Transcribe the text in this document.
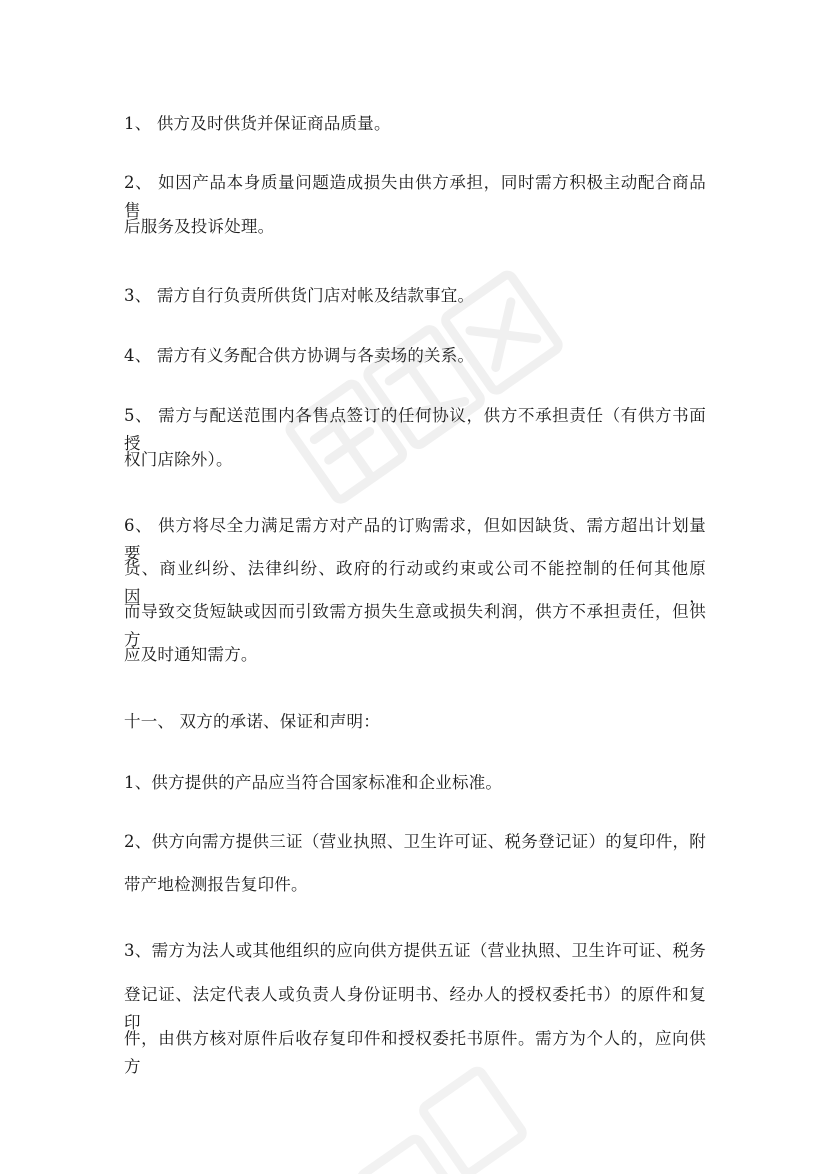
1、 供方及时供货并保证商品质量。

2、 如因产品本身质量问题造成损失由供方承担，同时需方积极主动配合商品售
后服务及投诉处理。

3、 需方自行负责所供货门店对帐及结款事宜。

4、 需方有义务配合供方协调与各卖场的关系。

5、 需方与配送范围内各售点签订的任何协议，供方不承担责任（有供方书面授
权门店除外）。

6、 供方将尽全力满足需方对产品的订购需求，但如因缺货、需方超出计划量要
货、商业纠纷、法律纠纷、政府的行动或约束或公司不能控制的任何其他原因，
而导致交货短缺或因而引致需方损失生意或损失利润，供方不承担责任，但供方
应及时通知需方。

十一、 双方的承诺、保证和声明：

1、供方提供的产品应当符合国家标准和企业标准。

2、供方向需方提供三证（营业执照、卫生许可证、税务登记证）的复印件，附
带产地检测报告复印件。

3、需方为法人或其他组织的应向供方提供五证（营业执照、卫生许可证、税务
登记证、法定代表人或负责人身份证明书、经办人的授权委托书）的原件和复印
件，由供方核对原件后收存复印件和授权委托书原件。需方为个人的，应向供方
